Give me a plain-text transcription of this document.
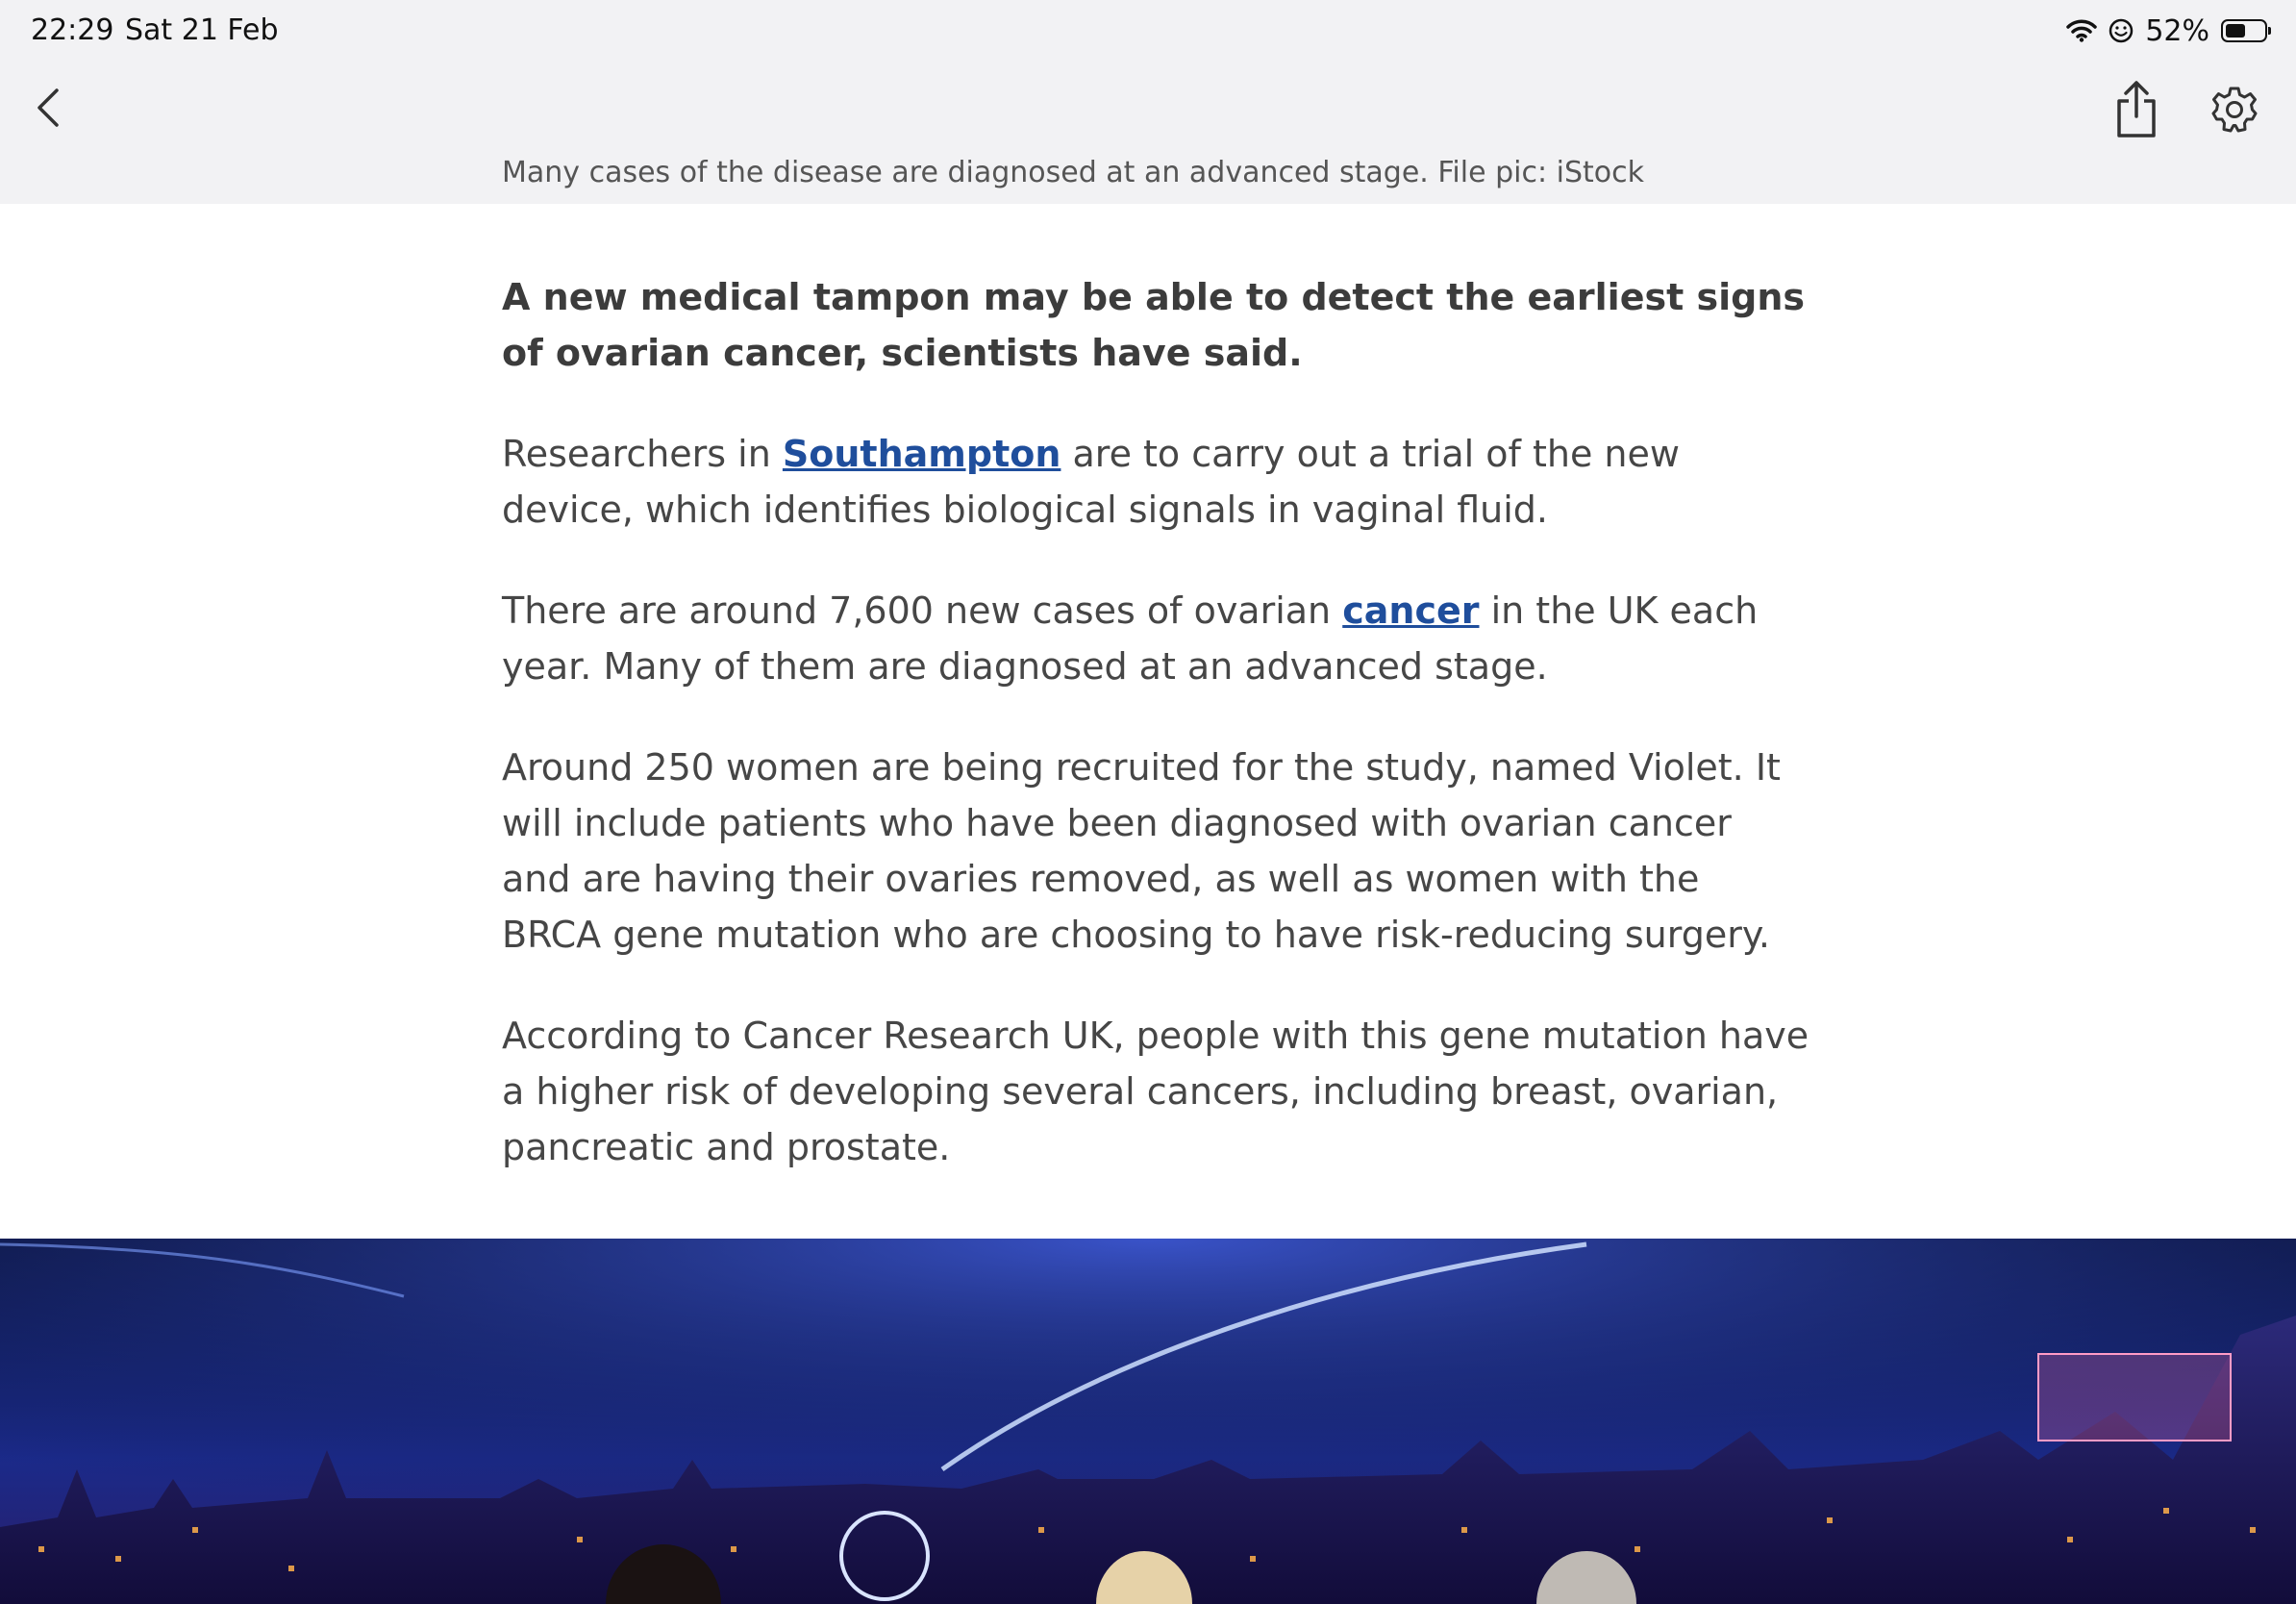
22:29 Sat 21 Feb	52%
Many cases of the disease are diagnosed at an advanced stage. File pic: iStock

A new medical tampon may be able to detect the earliest signs of ovarian cancer, scientists have said.

Researchers in Southampton are to carry out a trial of the new device, which identifies biological signals in vaginal fluid.

There are around 7,600 new cases of ovarian cancer in the UK each year. Many of them are diagnosed at an advanced stage.

Around 250 women are being recruited for the study, named Violet. It will include patients who have been diagnosed with ovarian cancer and are having their ovaries removed, as well as women with the BRCA gene mutation who are choosing to have risk-reducing surgery.

According to Cancer Research UK, people with this gene mutation have a higher risk of developing several cancers, including breast, ovarian, pancreatic and prostate.
